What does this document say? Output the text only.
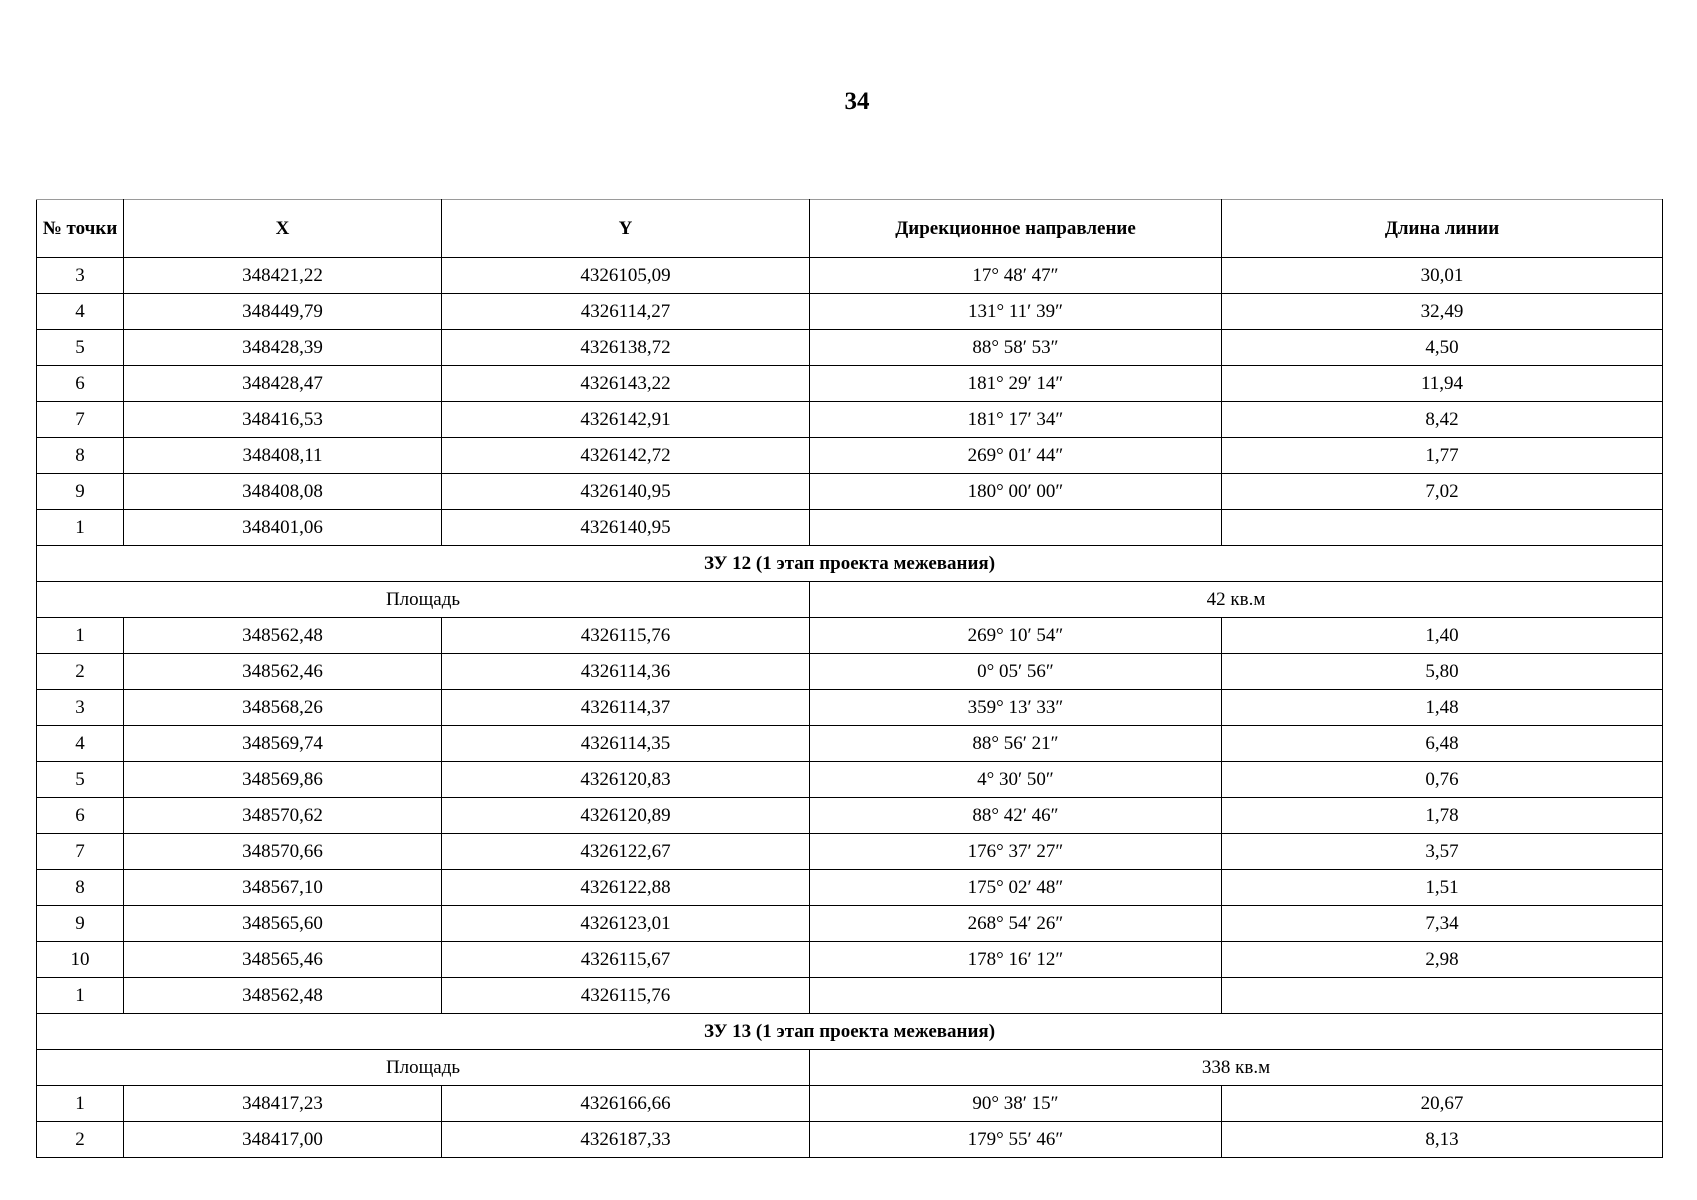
34
№ точки	X	Y	Дирекционное направление	Длина линии
3	348421,22	4326105,09	17° 48′ 47″	30,01
4	348449,79	4326114,27	131° 11′ 39″	32,49
5	348428,39	4326138,72	88° 58′ 53″	4,50
6	348428,47	4326143,22	181° 29′ 14″	11,94
7	348416,53	4326142,91	181° 17′ 34″	8,42
8	348408,11	4326142,72	269° 01′ 44″	1,77
9	348408,08	4326140,95	180° 00′ 00″	7,02
1	348401,06	4326140,95		
ЗУ 12 (1 этап проекта межевания)				
Площадь			42 кв.м	
1	348562,48	4326115,76	269° 10′ 54″	1,40
2	348562,46	4326114,36	0° 05′ 56″	5,80
3	348568,26	4326114,37	359° 13′ 33″	1,48
4	348569,74	4326114,35	88° 56′ 21″	6,48
5	348569,86	4326120,83	4° 30′ 50″	0,76
6	348570,62	4326120,89	88° 42′ 46″	1,78
7	348570,66	4326122,67	176° 37′ 27″	3,57
8	348567,10	4326122,88	175° 02′ 48″	1,51
9	348565,60	4326123,01	268° 54′ 26″	7,34
10	348565,46	4326115,67	178° 16′ 12″	2,98
1	348562,48	4326115,76		
ЗУ 13 (1 этап проекта межевания)				
Площадь			338 кв.м	
1	348417,23	4326166,66	90° 38′ 15″	20,67
2	348417,00	4326187,33	179° 55′ 46″	8,13
